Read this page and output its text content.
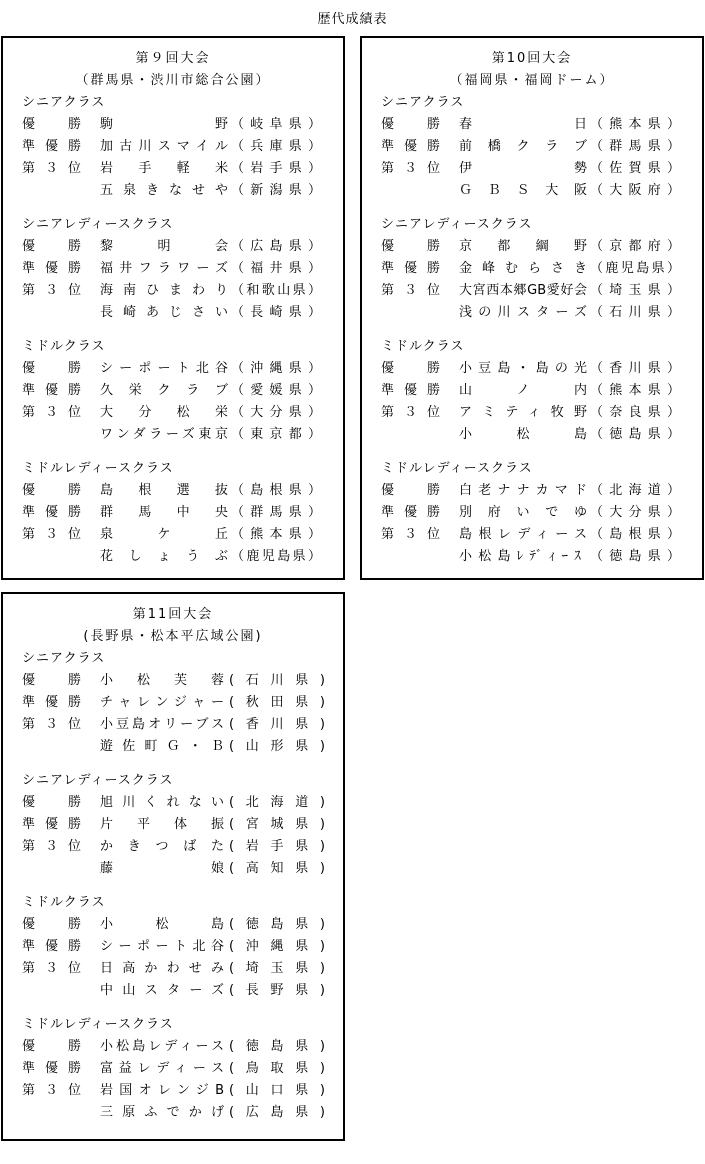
歴代成績表
第９回大会
（群馬県・渋川市総合公園）
シニアクラス
優勝 駒野 （岐阜県）
準優勝 加古川スマイル （兵庫県）
第３位 岩手軽米 （岩手県）
五泉きなせや （新潟県）
シニアレディースクラス
優勝 黎明会 （広島県）
準優勝 福井フラワーズ （福井県）
第３位 海南ひまわり （和歌山県）
長崎あじさい （長崎県）
ミドルクラス
優勝 シーポート北谷 （沖縄県）
準優勝 久栄クラブ （愛媛県）
第３位 大分松栄 （大分県）
ワンダラーズ東京 （東京都）
ミドルレディースクラス
優勝 島根選抜 （島根県）
準優勝 群馬中央 （群馬県）
第３位 泉ケ丘 （熊本県）
花しょうぶ （鹿児島県）
第10回大会
（福岡県・福岡ドーム）
シニアクラス
優勝 春日 （熊本県）
準優勝 前橋クラブ （群馬県）
第３位 伊勢 （佐賀県）
ＧＢＳ大阪 （大阪府）
シニアレディースクラス
優勝 京都綱野 （京都府）
準優勝 金峰むらさき （鹿児島県）
第３位 大宮西本郷GB愛好会 （埼玉県）
浅の川スターズ （石川県）
ミドルクラス
優勝 小豆島・島の光 （香川県）
準優勝 山ノ内 （熊本県）
第３位 アミティ牧野 （奈良県）
小松島 （徳島県）
ミドルレディースクラス
優勝 白老ナナカマド （北海道）
準優勝 別府いでゆ （大分県）
第３位 島根レディース （島根県）
小松島ﾚﾃﾞｨｰｽ （徳島県）
第11回大会
(長野県・松本平広域公園)
シニアクラス
優勝 小松芙蓉 (石川県)
準優勝 チャレンジャー (秋田県)
第３位 小豆島オリーブス (香川県)
遊佐町Ｇ・Ｂ (山形県)
シニアレディースクラス
優勝 旭川くれない (北海道)
準優勝 片平体振 (宮城県)
第３位 かきつばた (岩手県)
藤娘 (高知県)
ミドルクラス
優勝 小松島 (徳島県)
準優勝 シーポート北谷 (沖縄県)
第３位 日高かわせみ (埼玉県)
中山スターズ (長野県)
ミドルレディースクラス
優勝 小松島レディース (徳島県)
準優勝 富益レディース (鳥取県)
第３位 岩国オレンジB (山口県)
三原ふでかげ (広島県)
